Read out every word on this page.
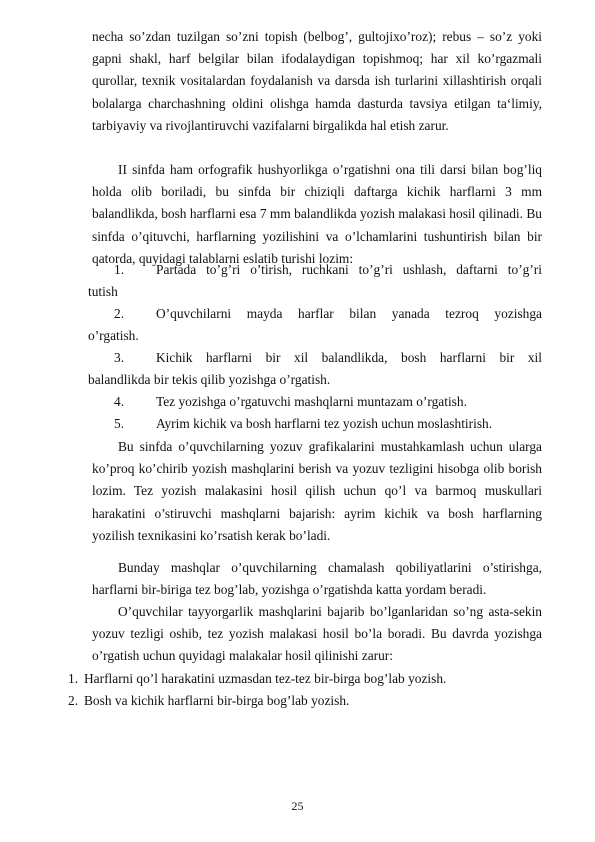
necha so’zdan tuzilgan so’zni topish (belbog’, gultojixo’roz); rebus – so’z yoki gapni shakl, harf belgilar bilan ifodalaydigan topishmoq; har xil ko’rgazmali qurollar, texnik vositalardan foydalanish va darsda ish turlarini xillashtirish orqali bolalarga charchashning oldini olishga hamda dasturda tavsiya etilgan ta‘limiy, tarbiyaviy va rivojlantiruvchi vazifalarni birgalikda hal etish zarur.

II sinfda ham orfografik hushyorlikga o’rgatishni ona tili darsi bilan bog’liq holda olib boriladi, bu sinfda bir chiziqli daftarga kichik harflarni 3 mm balandlikda, bosh harflarni esa 7 mm balandlikda yozish malakasi hosil qilinadi. Bu sinfda o’qituvchi, harflarning yozilishini va o’lchamlarini tushuntirish bilan bir qatorda, quyidagi talablarni eslatib turishi lozim:

1.	Partada to’g’ri o’tirish, ruchkani to’g’ri ushlash, daftarni to’g’ri
tutish
2.	O’quvchilarni mayda harflar bilan yanada tezroq yozishga
o’rgatish.
3.	Kichik harflarni bir xil balandlikda, bosh harflarni bir xil
balandlikda bir tekis qilib yozishga o’rgatish.
4.	Tez yozishga o’rgatuvchi mashqlarni muntazam o’rgatish.
5.	Ayrim kichik va bosh harflarni tez yozish uchun moslashtirish.

Bu sinfda o’quvchilarning yozuv grafikalarini mustahkamlash uchun ularga ko’proq ko’chirib yozish mashqlarini berish va yozuv tezligini hisobga olib borish lozim. Tez yozish malakasini hosil qilish uchun qo’l va barmoq muskullari harakatini o’stiruvchi mashqlarni bajarish: ayrim kichik va bosh harflarning yozilish texnikasini ko’rsatish kerak bo’ladi.

Bunday mashqlar o’quvchilarning chamalash qobiliyatlarini o’stirishga, harflarni bir-biriga tez bog’lab, yozishga o’rgatishda katta yordam beradi.

O’quvchilar tayyorgarlik mashqlarini bajarib bo’lganlaridan so’ng asta-sekin yozuv tezligi oshib, tez yozish malakasi hosil bo’la boradi. Bu davrda yozishga o’rgatish uchun quyidagi malakalar hosil qilinishi zarur:

1. Harflarni qo’l harakatini uzmasdan tez-tez bir-birga bog’lab yozish.
2. Bosh va kichik harflarni bir-birga bog’lab yozish.
25
